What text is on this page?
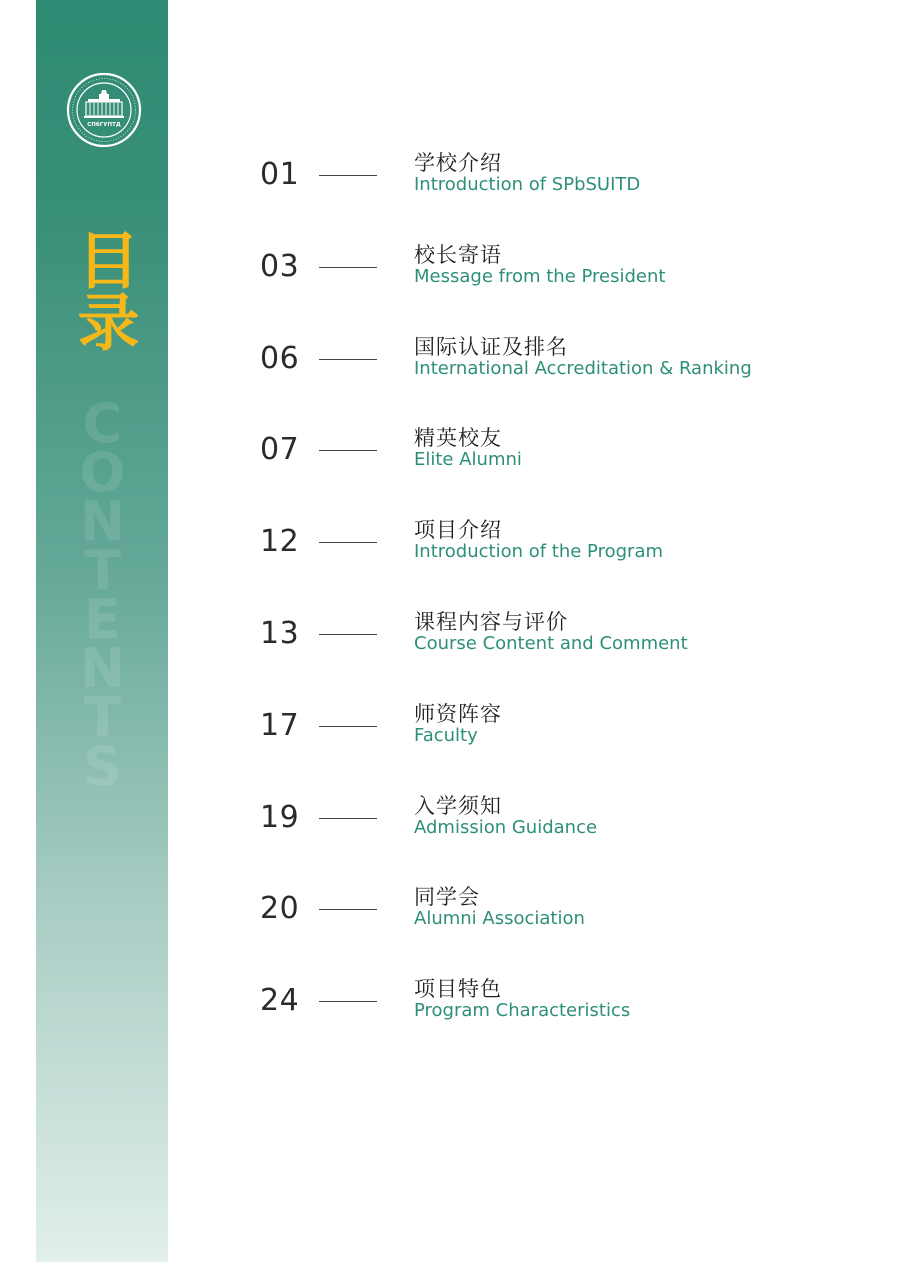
СПбГУПТД
目录
CONTENTS
01	学校介绍
Introduction of SPbSUITD
03	校长寄语
Message from the President
06	国际认证及排名
International Accreditation & Ranking
07	精英校友
Elite Alumni
12	项目介绍
Introduction of the Program
13	课程内容与评价
Course Content and Comment
17	师资阵容
Faculty
19	入学须知
Admission Guidance
20	同学会
Alumni Association
24	项目特色
Program Characteristics
